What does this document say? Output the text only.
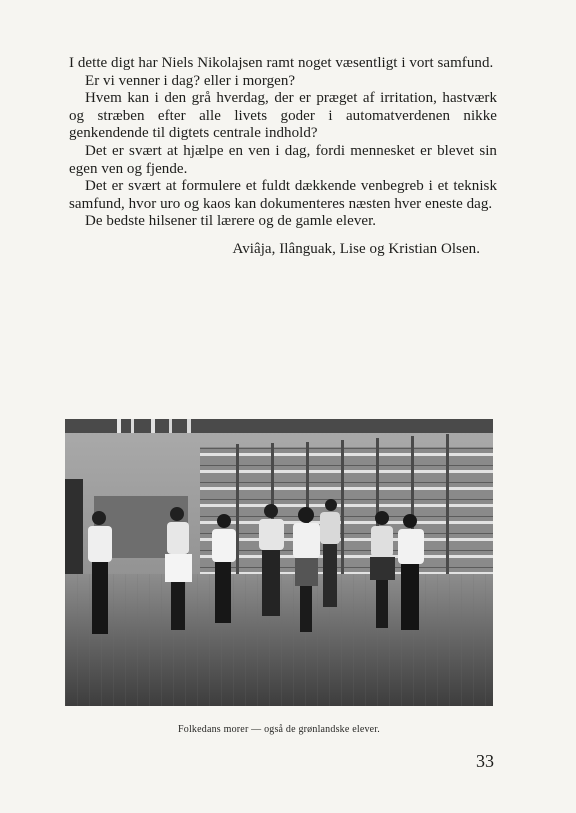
I dette digt har Niels Nikolajsen ramt noget væsentligt i vort samfund.

Er vi venner i dag? eller i morgen?

Hvem kan i den grå hverdag, der er præget af irritation, hastværk og stræben efter alle livets goder i automatverdenen nikke genkendende til digtets centrale indhold?

Det er svært at hjælpe en ven i dag, fordi mennesket er blevet sin egen ven og fjende.

Det er svært at formulere et fuldt dækkende venbegreb i et teknisk samfund, hvor uro og kaos kan dokumenteres næsten hver eneste dag.

De bedste hilsener til lærere og de gamle elever.

Aviâja, Ilânguak, Lise og Kristian Olsen.

Folkedans morer — også de grønlandske elever.
33
